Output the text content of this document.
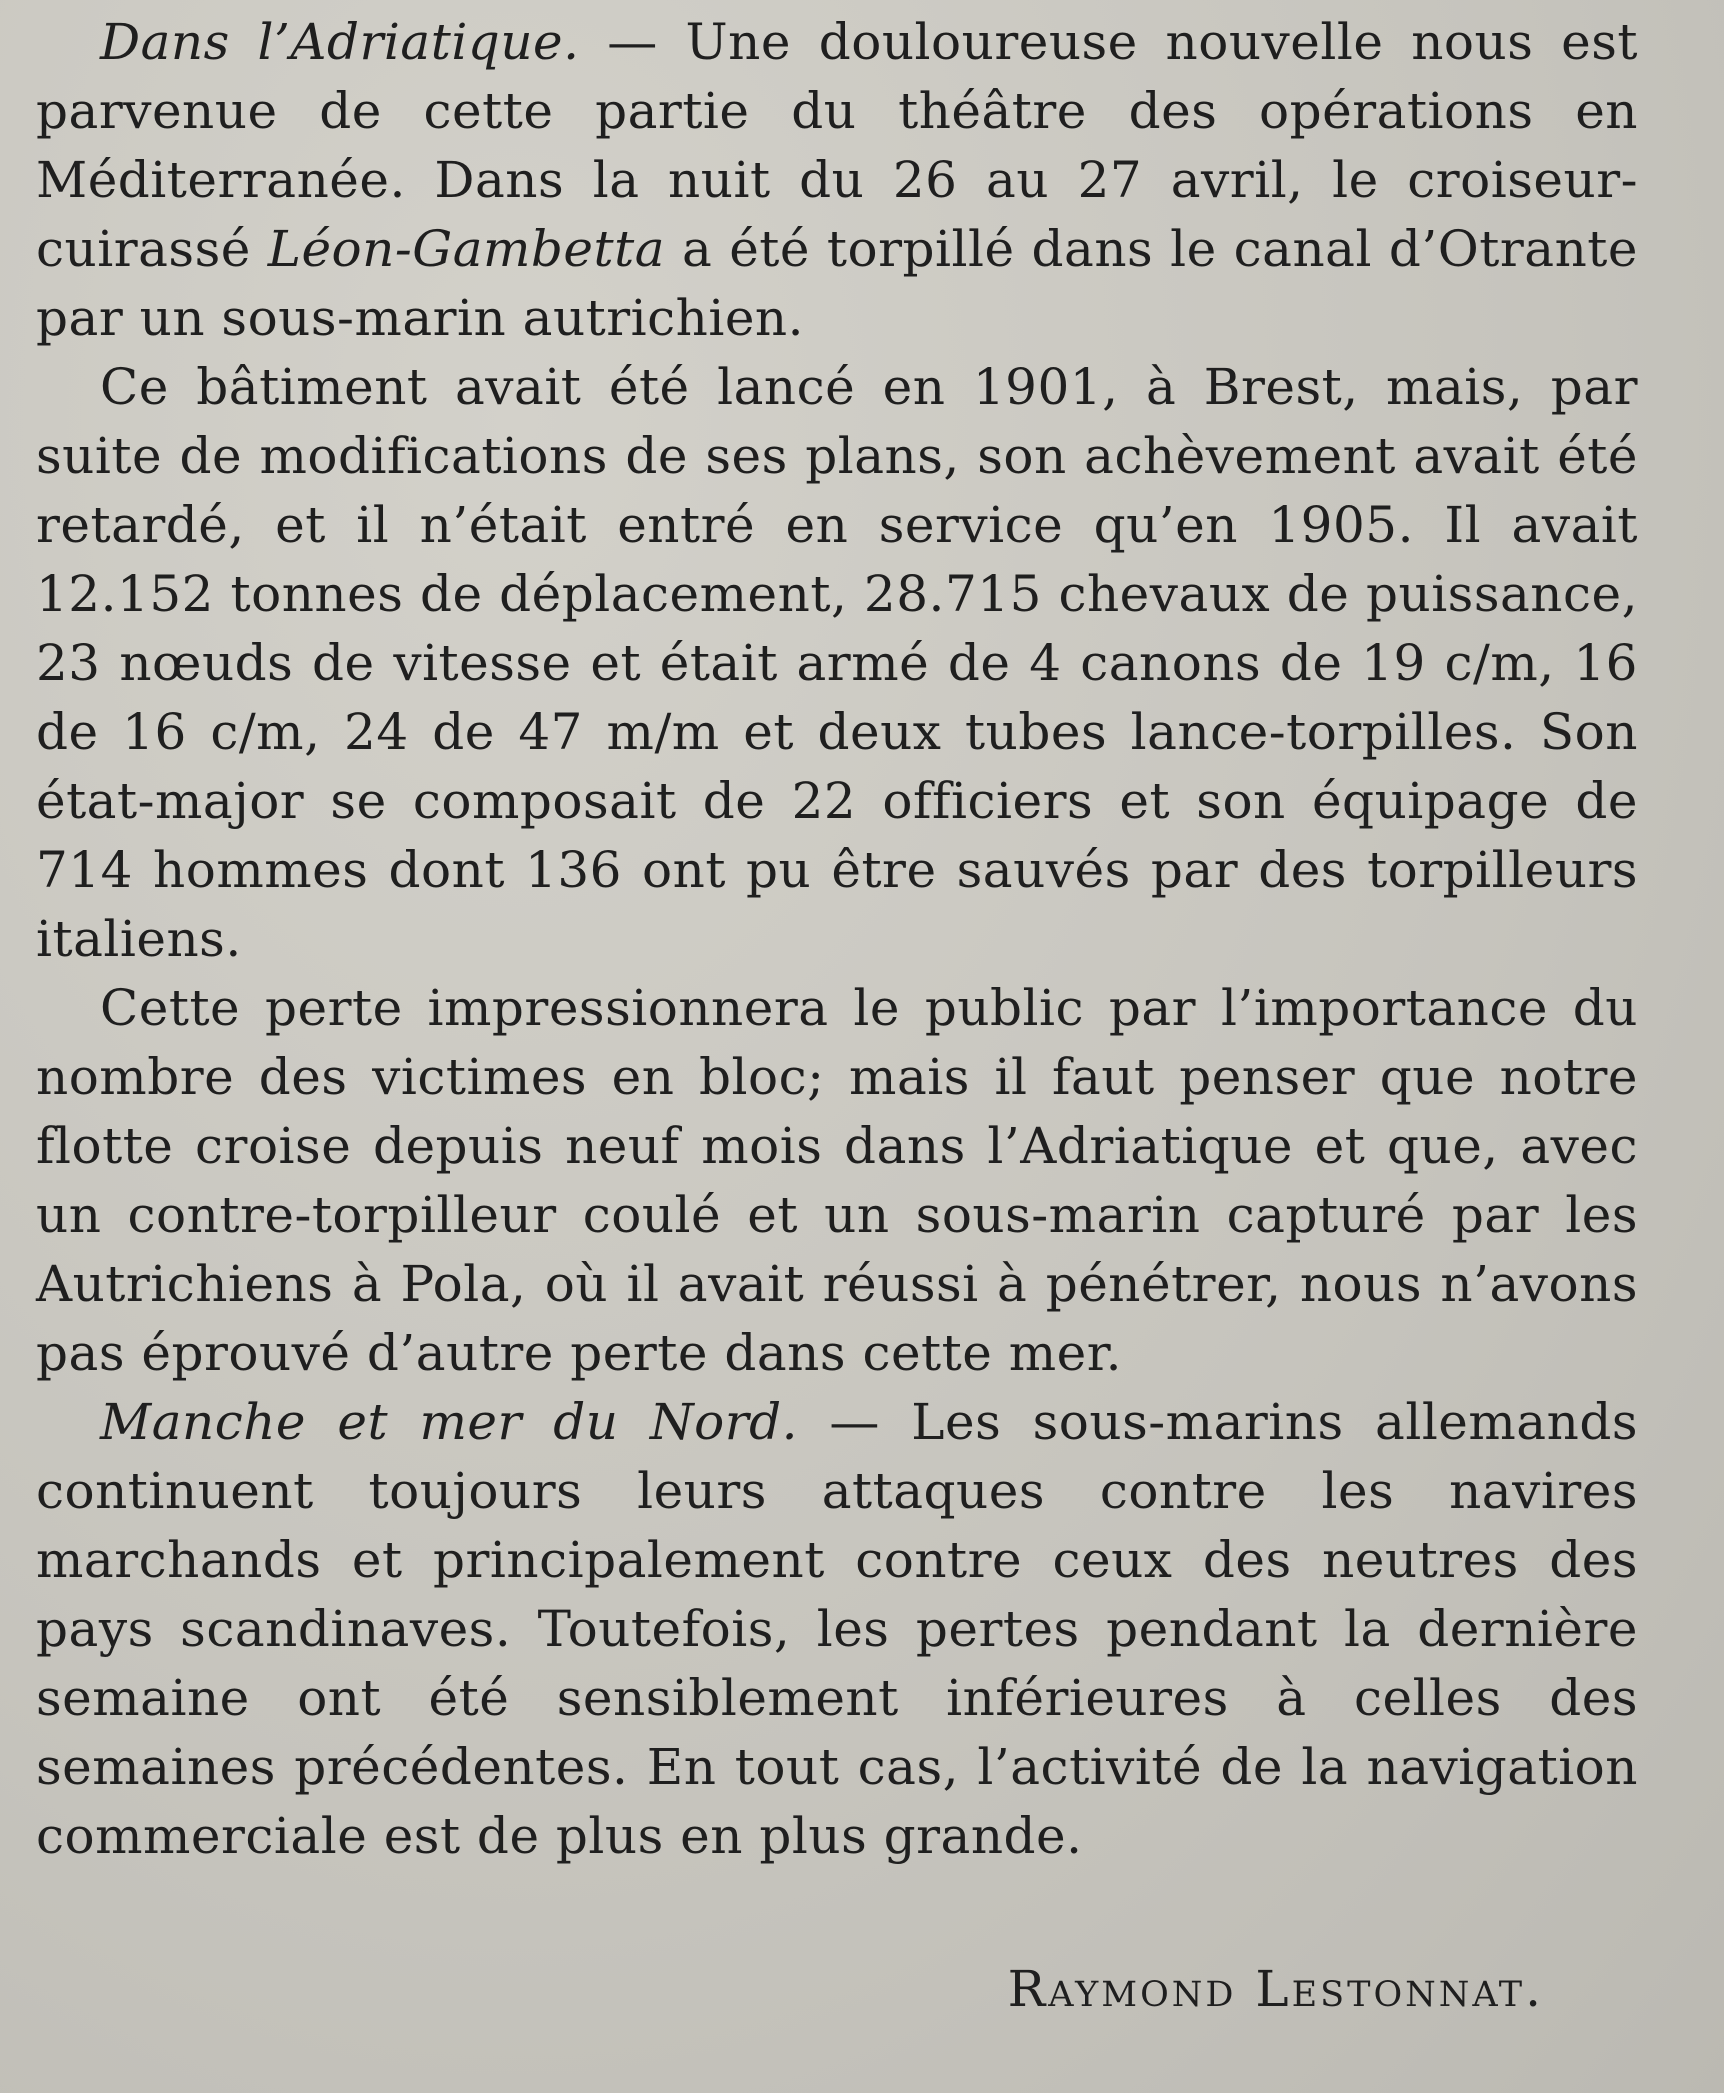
Dans l’Adriatique. — Une douloureuse nouvelle nous est parvenue de cette partie du théâtre des opérations en Méditerranée. Dans la nuit du 26 au 27 avril, le croiseur-cuirassé Léon-Gambetta a été torpillé dans le canal d’Otrante par un sous-marin autrichien.

Ce bâtiment avait été lancé en 1901, à Brest, mais, par suite de modifications de ses plans, son achèvement avait été retardé, et il n’était entré en service qu’en 1905. Il avait 12.152 tonnes de déplacement, 28.715 chevaux de puissance, 23 nœuds de vitesse et était armé de 4 canons de 19 c/m, 16 de 16 c/m, 24 de 47 m/m et deux tubes lance-torpilles. Son état-major se composait de 22 officiers et son équipage de 714 hommes dont 136 ont pu être sauvés par des torpilleurs italiens.

Cette perte impressionnera le public par l’importance du nombre des victimes en bloc; mais il faut penser que notre flotte croise depuis neuf mois dans l’Adriatique et que, avec un contre-torpilleur coulé et un sous-marin capturé par les Autrichiens à Pola, où il avait réussi à pénétrer, nous n’avons pas éprouvé d’autre perte dans cette mer.

Manche et mer du Nord. — Les sous-marins allemands continuent toujours leurs attaques contre les navires marchands et principalement contre ceux des neutres des pays scandinaves. Toutefois, les pertes pendant la dernière semaine ont été sensiblement inférieures à celles des semaines précédentes. En tout cas, l’activité de la navigation commerciale est de plus en plus grande.

Raymond Lestonnat.
